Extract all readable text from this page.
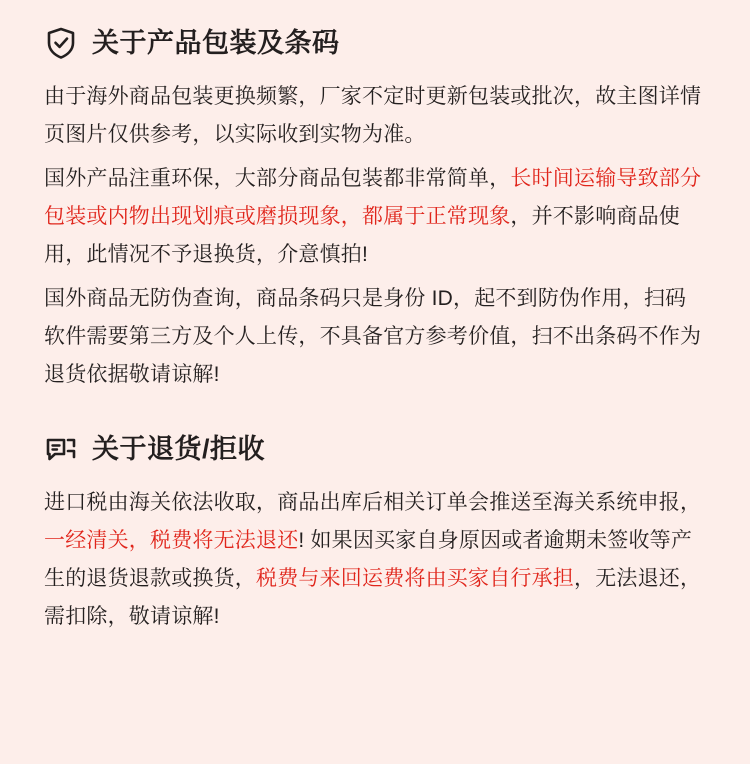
关于产品包装及条码

由于海外商品包装更换频繁，厂家不定时更新包装或批次，故主图详情页图片仅供参考，以实际收到实物为准。

国外产品注重环保，大部分商品包装都非常简单，长时间运输导致部分包装或内物出现划痕或磨损现象，都属于正常现象，并不影响商品使用，此情况不予退换货，介意慎拍!

国外商品无防伪查询，商品条码只是身份 ID，起不到防伪作用，扫码软件需要第三方及个人上传，不具备官方参考价值，扫不出条码不作为退货依据敬请谅解!

关于退货/拒收

进口税由海关依法收取，商品出库后相关订单会推送至海关系统申报，一经清关，税费将无法退还! 如果因买家自身原因或者逾期未签收等产生的退货退款或换货，税费与来回运费将由买家自行承担，无法退还，需扣除，敬请谅解!
